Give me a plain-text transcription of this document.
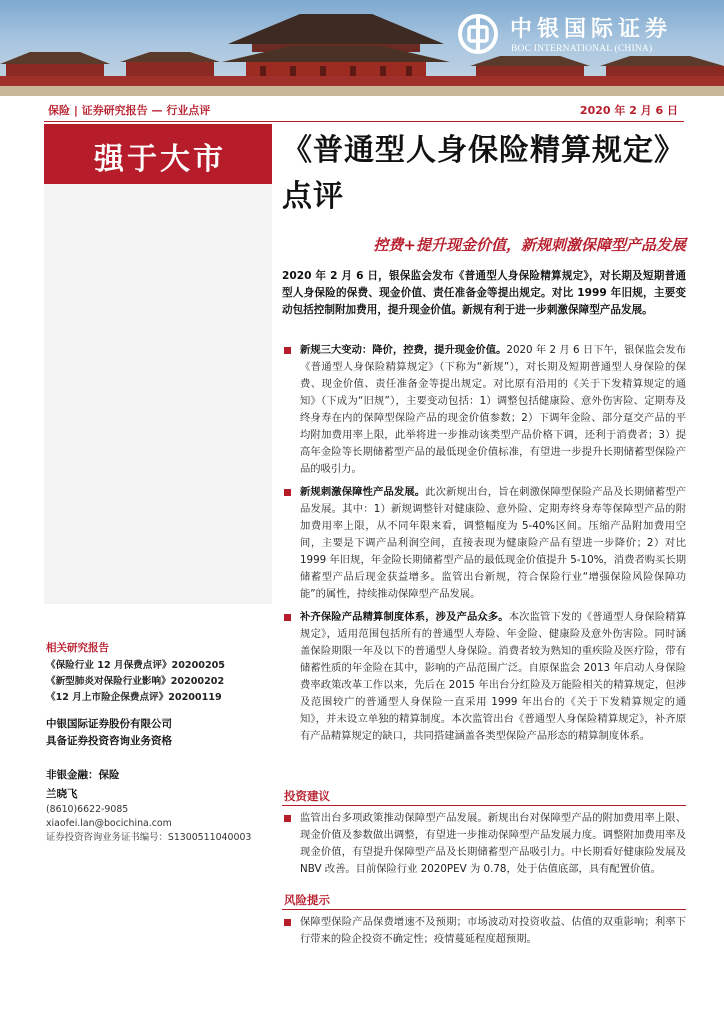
中银国际证券
BOC INTERNATIONAL (CHINA)
保险 | 证券研究报告 — 行业点评	2020 年 2 月 6 日
强于大市 《普通型人身保险精算规定》点评
控费+提升现金价值，新规刺激保障型产品发展
2020 年 2 月 6 日，银保监会发布《普通型人身保险精算规定》，对长期及短期普通型人身保险的保费、现金价值、责任准备金等提出规定。对比 1999 年旧规，主要变动包括控制附加费用，提升现金价值。新规有利于进一步刺激保障型产品发展。
新规三大变动：降价，控费，提升现金价值。2020 年 2 月 6 日下午，银保监会发布《普通型人身保险精算规定》（下称为“新规”），对长期及短期普通型人身保险的保费、现金价值、责任准备金等提出规定。对比原有沿用的《关于下发精算规定的通知》（下成为“旧规”），主要变动包括：1）调整包括健康险、意外伤害险、定期寿及终身寿在内的保障型保险产品的现金价值参数；2）下调年金险、部分趸交产品的平均附加费用率上限，此举将进一步推动该类型产品价格下调，还利于消费者；3）提高年金险等长期储蓄型产品的最低现金价值标准，有望进一步提升长期储蓄型保险产品的吸引力。
新规刺激保障性产品发展。此次新规出台，旨在刺激保障型保险产品及长期储蓄型产品发展。其中：1）新规调整针对健康险、意外险、定期寿终身寿等保障型产品的附加费用率上限，从不同年限来看，调整幅度为 5-40%区间。压缩产品附加费用空间，主要是下调产品利润空间，直接表现为健康险产品有望进一步降价；2）对比 1999 年旧规，年金险长期储蓄型产品的最低现金价值提升 5-10%，消费者购买长期储蓄型产品后现金获益增多。监管出台新规，符合保险行业“增强保险风险保障功能”的属性，持续推动保障型产品发展。
补齐保险产品精算制度体系，涉及产品众多。本次监管下发的《普通型人身保险精算规定》，适用范围包括所有的普通型人寿险、年金险、健康险及意外伤害险。同时涵盖保险期限一年及以下的普通型人身保险。消费者较为熟知的重疾险及医疗险，带有储蓄性质的年金险在其中，影响的产品范围广泛。自原保监会 2013 年启动人身保险费率政策改革工作以来，先后在 2015 年出台分红险及万能险相关的精算规定，但涉及范围较广的普通型人身保险一直采用 1999 年出台的《关于下发精算规定的通知》，并未设立单独的精算制度。本次监管出台《普通型人身保险精算规定》，补齐原有产品精算规定的缺口，共同搭建涵盖各类型保险产品形态的精算制度体系。
投资建议
监管出台多项政策推动保障型产品发展。新规出台对保障型产品的附加费用率上限、现金价值及参数做出调整，有望进一步推动保障型产品发展力度。调整附加费用率及现金价值，有望提升保障型产品及长期储蓄型产品吸引力。中长期看好健康险发展及 NBV 改善。目前保险行业 2020PEV 为 0.78，处于估值底部，具有配置价值。
风险提示
保障型保险产品保费增速不及预期；市场波动对投资收益、估值的双重影响；利率下行带来的险企投资不确定性；疫情蔓延程度超预期。
相关研究报告
《保险行业 12 月保费点评》20200205
《新型肺炎对保险行业影响》20200202
《12 月上市险企保费点评》20200119
中银国际证券股份有限公司
具备证券投资咨询业务资格
非银金融：保险
兰晓飞
(8610)6622-9085
xiaofei.lan@bocichina.com
证券投资咨询业务证书编号：S1300511040003
